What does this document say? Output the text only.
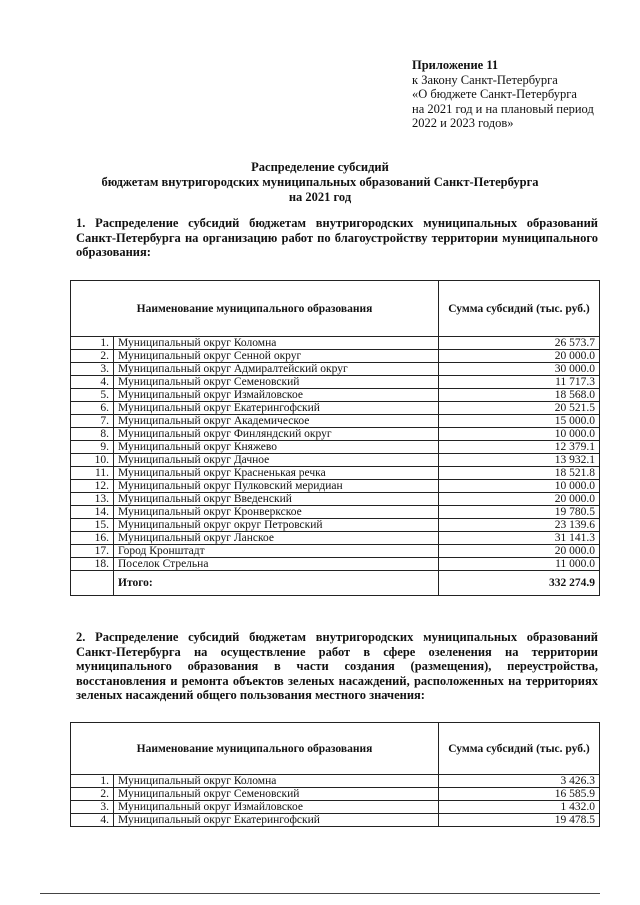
Приложение 11
к Закону Санкт-Петербурга
«О бюджете Санкт-Петербурга
на 2021 год и на плановый период
2022 и 2023 годов»
Распределение субсидий
бюджетам внутригородских муниципальных образований Санкт-Петербурга
на 2021 год
1. Распределение субсидий бюджетам внутригородских муниципальных образований Санкт-Петербурга на организацию работ по благоустройству территории муниципального образования:
Наименование муниципального образования		Сумма субсидий (тыс. руб.)
1.	Муниципальный округ Коломна	26 573.7
2.	Муниципальный округ Сенной округ	20 000.0
3.	Муниципальный округ Адмиралтейский округ	30 000.0
4.	Муниципальный округ Семеновский	11 717.3
5.	Муниципальный округ Измайловское	18 568.0
6.	Муниципальный округ Екатерингофский	20 521.5
7.	Муниципальный округ Академическое	15 000.0
8.	Муниципальный округ Финляндский округ	10 000.0
9.	Муниципальный округ Княжево	12 379.1
10.	Муниципальный округ Дачное	13 932.1
11.	Муниципальный округ Красненькая речка	18 521.8
12.	Муниципальный округ Пулковский меридиан	10 000.0
13.	Муниципальный округ Введенский	20 000.0
14.	Муниципальный округ Кронверкское	19 780.5
15.	Муниципальный округ округ Петровский	23 139.6
16.	Муниципальный округ Ланское	31 141.3
17.	Город Кронштадт	20 000.0
18.	Поселок Стрельна	11 000.0
	Итого:	332 274.9
2. Распределение субсидий бюджетам внутригородских муниципальных образований Санкт-Петербурга на осуществление работ в сфере озеленения на территории муниципального образования в части создания (размещения), переустройства, восстановления и ремонта объектов зеленых насаждений, расположенных на территориях зеленых насаждений общего пользования местного значения:
Наименование муниципального образования		Сумма субсидий (тыс. руб.)
1.	Муниципальный округ Коломна	3 426.3
2.	Муниципальный округ Семеновский	16 585.9
3.	Муниципальный округ Измайловское	1 432.0
4.	Муниципальный округ Екатерингофский	19 478.5
